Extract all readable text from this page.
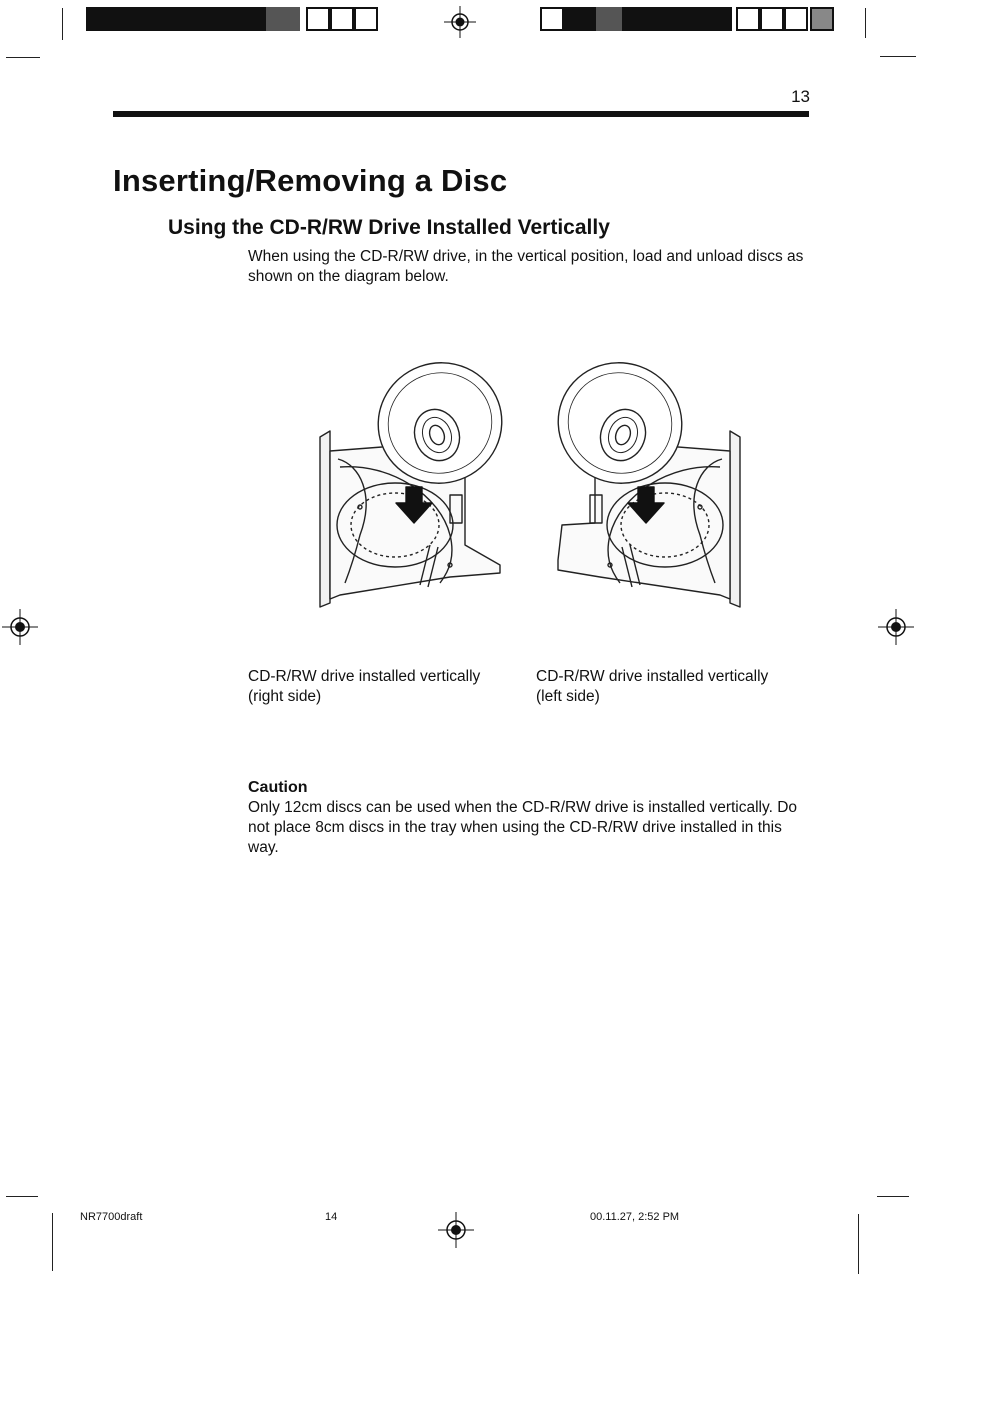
13
Inserting/Removing a Disc
Using the CD-R/RW Drive Installed Vertically

When using the CD-R/RW drive, in the vertical position, load and unload discs as shown on the diagram below.

CD-R/RW drive installed vertically
(right side)
CD-R/RW drive installed vertically
(left side)
Caution
Only 12cm discs can be used when the CD-R/RW drive is installed vertically. Do not place 8cm discs in the tray when using the CD-R/RW drive installed in this way.
NR7700draft	14	00.11.27, 2:52 PM
